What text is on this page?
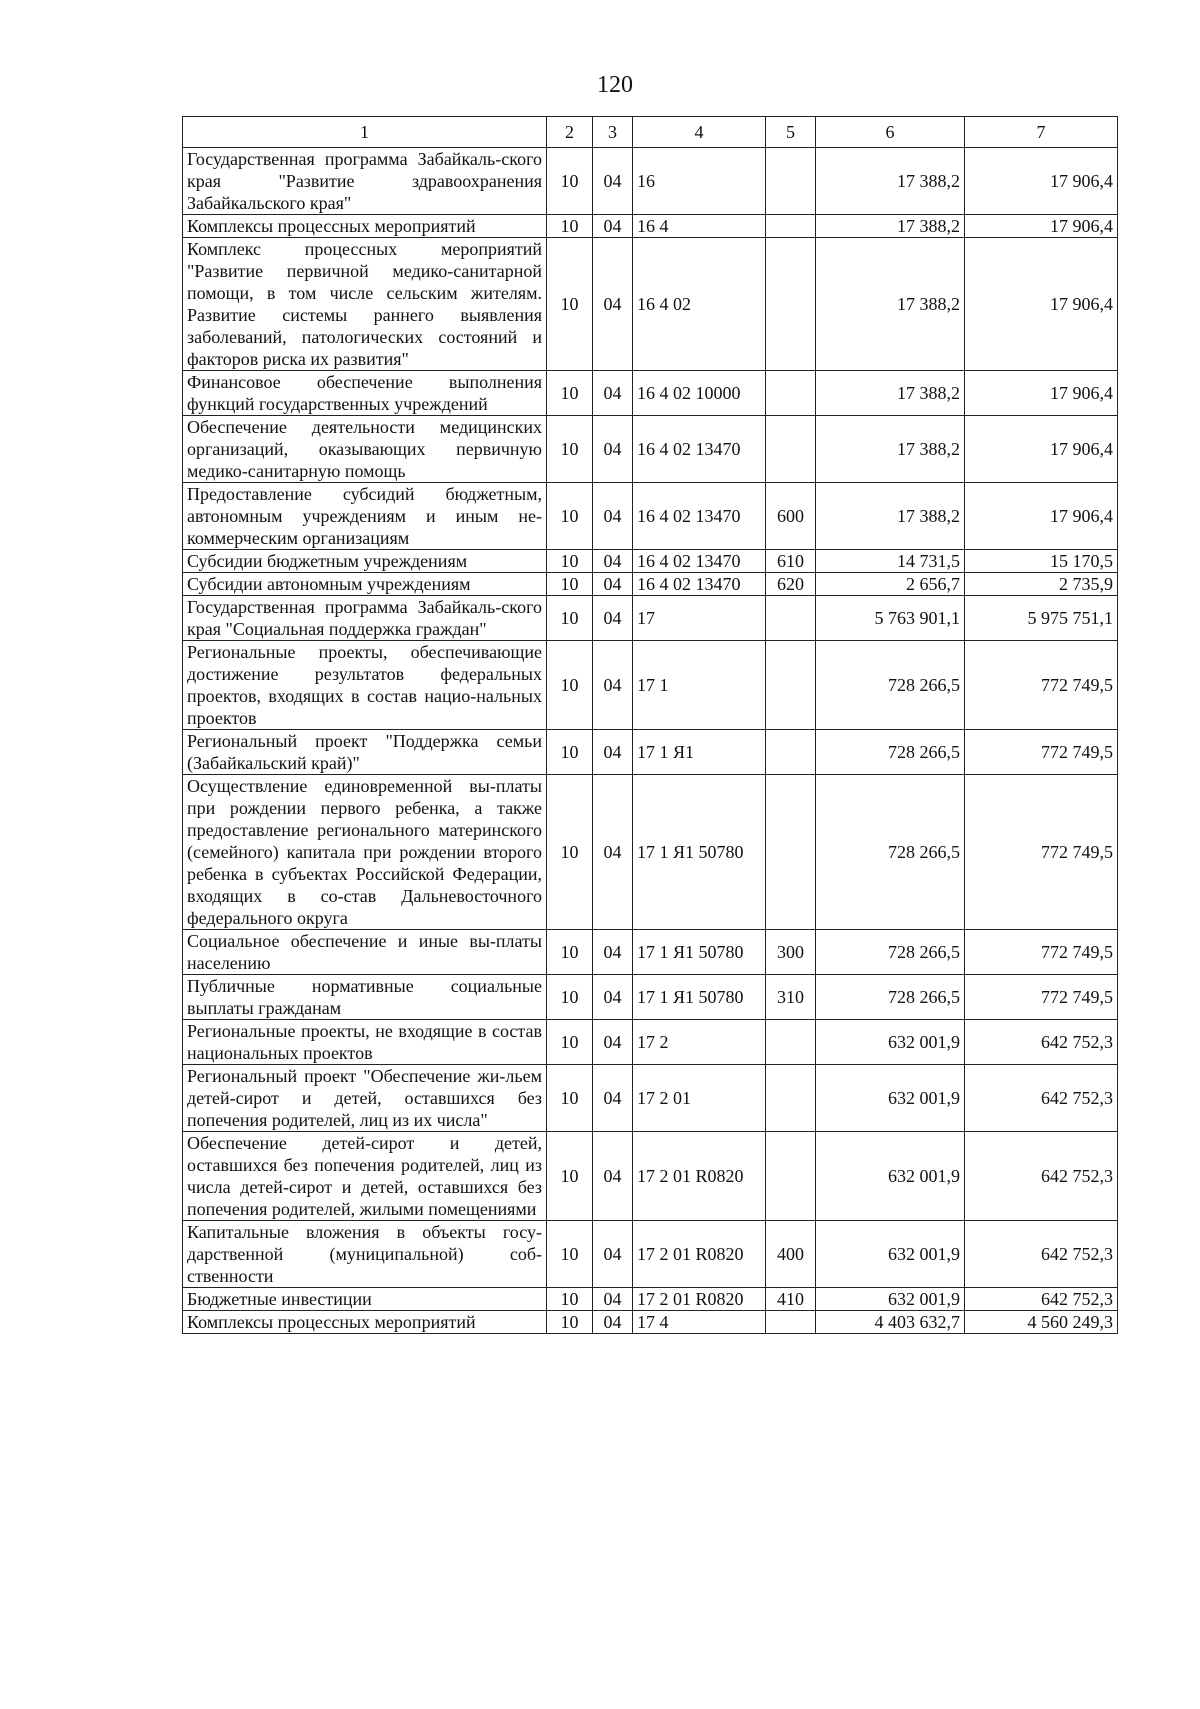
120
1	2	3	4	5	6	7
Государственная программа Забайкаль-ского края "Развитие здравоохранения Забайкальского края"	10	04	16		17 388,2	17 906,4
Комплексы процессных мероприятий	10	04	16 4		17 388,2	17 906,4
Комплекс процессных мероприятий "Развитие первичной медико-санитарной помощи, в том числе сельским жителям. Развитие системы раннего выявления заболеваний, патологических состояний и факторов риска их развития"	10	04	16 4 02		17 388,2	17 906,4
Финансовое обеспечение выполнения функций государственных учреждений	10	04	16 4 02 10000		17 388,2	17 906,4
Обеспечение деятельности медицинских организаций, оказывающих первичную медико-санитарную помощь	10	04	16 4 02 13470		17 388,2	17 906,4
Предоставление субсидий бюджетным, автономным учреждениям и иным не-коммерческим организациям	10	04	16 4 02 13470	600	17 388,2	17 906,4
Субсидии бюджетным учреждениям	10	04	16 4 02 13470	610	14 731,5	15 170,5
Субсидии автономным учреждениям	10	04	16 4 02 13470	620	2 656,7	2 735,9
Государственная программа Забайкаль-ского края "Социальная поддержка граждан"	10	04	17		5 763 901,1	5 975 751,1
Региональные проекты, обеспечивающие достижение результатов федеральных проектов, входящих в состав нацио-нальных проектов	10	04	17 1		728 266,5	772 749,5
Региональный проект "Поддержка семьи (Забайкальский край)"	10	04	17 1 Я1		728 266,5	772 749,5
Осуществление единовременной вы-платы при рождении первого ребенка, а также предоставление регионального материнского (семейного) капитала при рождении второго ребенка в субъектах Российской Федерации, входящих в со-став Дальневосточного федерального округа	10	04	17 1 Я1 50780		728 266,5	772 749,5
Социальное обеспечение и иные вы-платы населению	10	04	17 1 Я1 50780	300	728 266,5	772 749,5
Публичные нормативные социальные выплаты гражданам	10	04	17 1 Я1 50780	310	728 266,5	772 749,5
Региональные проекты, не входящие в состав национальных проектов	10	04	17 2		632 001,9	642 752,3
Региональный проект "Обеспечение жи-льем детей-сирот и детей, оставшихся без попечения родителей, лиц из их числа"	10	04	17 2 01		632 001,9	642 752,3
Обеспечение детей-сирот и детей, оставшихся без попечения родителей, лиц из числа детей-сирот и детей, оставшихся без попечения родителей, жилыми помещениями	10	04	17 2 01 R0820		632 001,9	642 752,3
Капитальные вложения в объекты госу-дарственной (муниципальной) соб-ственности	10	04	17 2 01 R0820	400	632 001,9	642 752,3
Бюджетные инвестиции	10	04	17 2 01 R0820	410	632 001,9	642 752,3
Комплексы процессных мероприятий	10	04	17 4		4 403 632,7	4 560 249,3
